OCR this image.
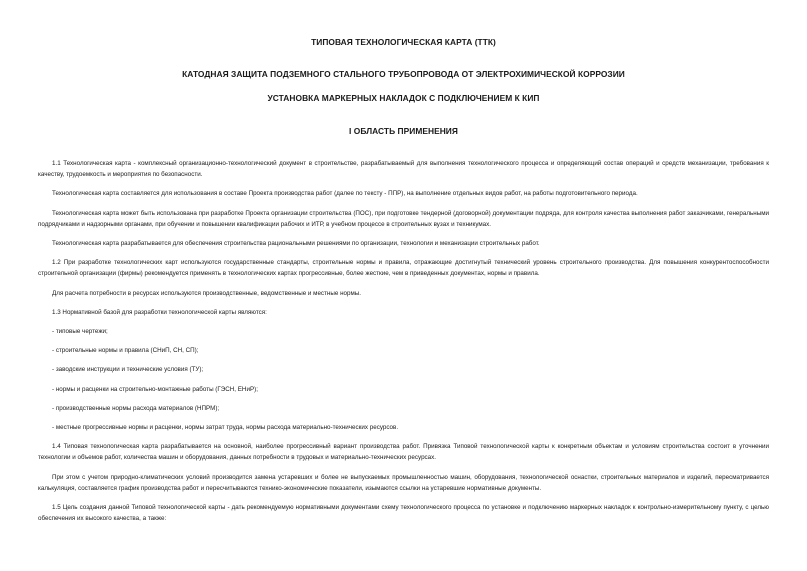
ТИПОВАЯ ТЕХНОЛОГИЧЕСКАЯ КАРТА (ТТК)

КАТОДНАЯ ЗАЩИТА ПОДЗЕМНОГО СТАЛЬНОГО ТРУБОПРОВОДА ОТ ЭЛЕКТРОХИМИЧЕСКОЙ КОРРОЗИИ

УСТАНОВКА МАРКЕРНЫХ НАКЛАДОК С ПОДКЛЮЧЕНИЕМ К КИП

I ОБЛАСТЬ ПРИМЕНЕНИЯ

1.1 Технологическая карта - комплексный организационно-технологический документ в строительстве, разрабатываемый для выполнения технологического процесса и определяющий состав операций и средств механизации, требования к качеству, трудоемкость и мероприятия по безопасности.

Технологическая карта составляется для использования в составе Проекта производства работ (далее по тексту - ППР), на выполнение отдельных видов работ, на работы подготовительного периода.

Технологическая карта может быть использована при разработке Проекта организации строительства (ПОС), при подготовке тендерной (договорной) документации подряда, для контроля качества выполнения работ заказчиками, генеральными подрядчиками и надзорными органами, при обучении и повышении квалификации рабочих и ИТР, в учебном процессе в строительных вузах и техникумах.

Технологическая карта разрабатывается для обеспечения строительства рациональными решениями по организации, технологии и механизации строительных работ.

1.2 При разработке технологических карт используются государственные стандарты, строительные нормы и правила, отражающие достигнутый технический уровень строительного производства. Для повышения конкурентоспособности строительной организации (фирмы) рекомендуется применять в технологических картах прогрессивные, более жесткие, чем в приведенных документах, нормы и правила.

Для расчета потребности в ресурсах используются производственные, ведомственные и местные нормы.

1.3 Нормативной базой для разработки технологической карты являются:

- типовые чертежи;

- строительные нормы и правила (СНиП, СН, СП);

- заводские инструкции и технические условия (ТУ);

- нормы и расценки на строительно-монтажные работы (ГЭСН, ЕНиР);

- производственные нормы расхода материалов (НПРМ);

- местные прогрессивные нормы и расценки, нормы затрат труда, нормы расхода материально-технических ресурсов.

1.4 Типовая технологическая карта разрабатывается на основной, наиболее прогрессивный вариант производства работ. Привязка Типовой технологической карты к конкретным объектам и условиям строительства состоит в уточнении технологии и объемов работ, количества машин и оборудования, данных потребности в трудовых и материально-технических ресурсах.

При этом с учетом природно-климатических условий производится замена устаревших и более не выпускаемых промышленностью машин, оборудования, технологической оснастки, строительных материалов и изделий, пересматривается калькуляция, составляется график производства работ и пересчитываются технико-экономические показатели, изымаются ссылки на устаревшие нормативные документы.

1.5 Цель создания данной Типовой технологической карты - дать рекомендуемую нормативными документами схему технологического процесса по установке и подключению маркерных накладок к контрольно-измерительному пункту, с целью обеспечения их высокого качества, а также:
